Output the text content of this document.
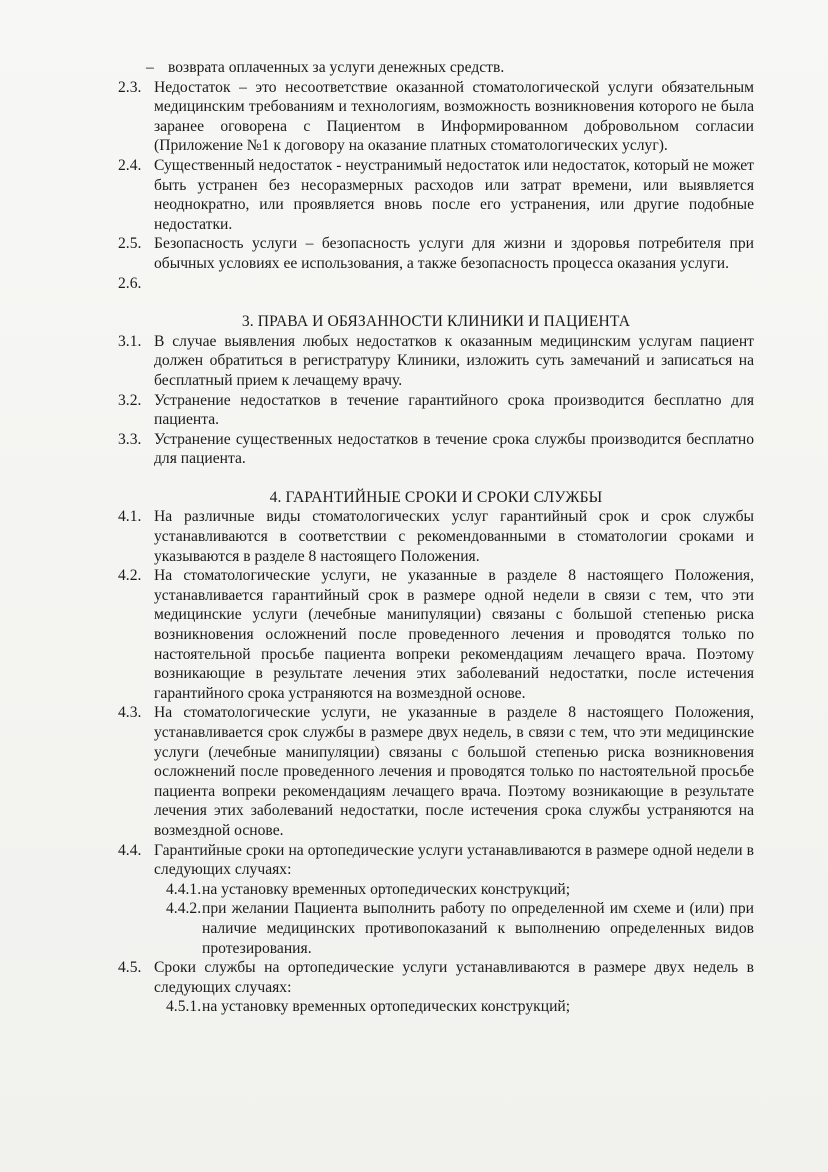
– возврата оплаченных за услуги денежных средств.
2.3. Недостаток – это несоответствие оказанной стоматологической услуги обязательным медицинским требованиям и технологиям, возможность возникновения которого не была заранее оговорена с Пациентом в Информированном добровольном согласии (Приложение №1 к договору на оказание платных стоматологических услуг).
2.4. Существенный недостаток - неустранимый недостаток или недостаток, который не может быть устранен без несоразмерных расходов или затрат времени, или выявляется неоднократно, или проявляется вновь после его устранения, или другие подобные недостатки.
2.5. Безопасность услуги – безопасность услуги для жизни и здоровья потребителя при обычных условиях ее использования, а также безопасность процесса оказания услуги.
2.6.
3. ПРАВА И ОБЯЗАННОСТИ КЛИНИКИ И ПАЦИЕНТА
3.1. В случае выявления любых недостатков к оказанным медицинским услугам пациент должен обратиться в регистратуру Клиники, изложить суть замечаний и записаться на бесплатный прием к лечащему врачу.
3.2. Устранение недостатков в течение гарантийного срока производится бесплатно для пациента.
3.3. Устранение существенных недостатков в течение срока службы производится бесплатно для пациента.
4. ГАРАНТИЙНЫЕ СРОКИ И СРОКИ СЛУЖБЫ
4.1. На различные виды стоматологических услуг гарантийный срок и срок службы устанавливаются в соответствии с рекомендованными в стоматологии сроками и указываются в разделе 8 настоящего Положения.
4.2. На стоматологические услуги, не указанные в разделе 8 настоящего Положения, устанавливается гарантийный срок в размере одной недели в связи с тем, что эти медицинские услуги (лечебные манипуляции) связаны с большой степенью риска возникновения осложнений после проведенного лечения и проводятся только по настоятельной просьбе пациента вопреки рекомендациям лечащего врача. Поэтому возникающие в результате лечения этих заболеваний недостатки, после истечения гарантийного срока устраняются на возмездной основе.
4.3. На стоматологические услуги, не указанные в разделе 8 настоящего Положения, устанавливается срок службы в размере двух недель, в связи с тем, что эти медицинские услуги (лечебные манипуляции) связаны с большой степенью риска возникновения осложнений после проведенного лечения и проводятся только по настоятельной просьбе пациента вопреки рекомендациям лечащего врача. Поэтому возникающие в результате лечения этих заболеваний недостатки, после истечения срока службы устраняются на возмездной основе.
4.4. Гарантийные сроки на ортопедические услуги устанавливаются в размере одной недели в следующих случаях:
4.4.1. на установку временных ортопедических конструкций;
4.4.2. при желании Пациента выполнить работу по определенной им схеме и (или) при наличие медицинских противопоказаний к выполнению определенных видов протезирования.
4.5. Сроки службы на ортопедические услуги устанавливаются в размере двух недель в следующих случаях:
4.5.1. на установку временных ортопедических конструкций;
